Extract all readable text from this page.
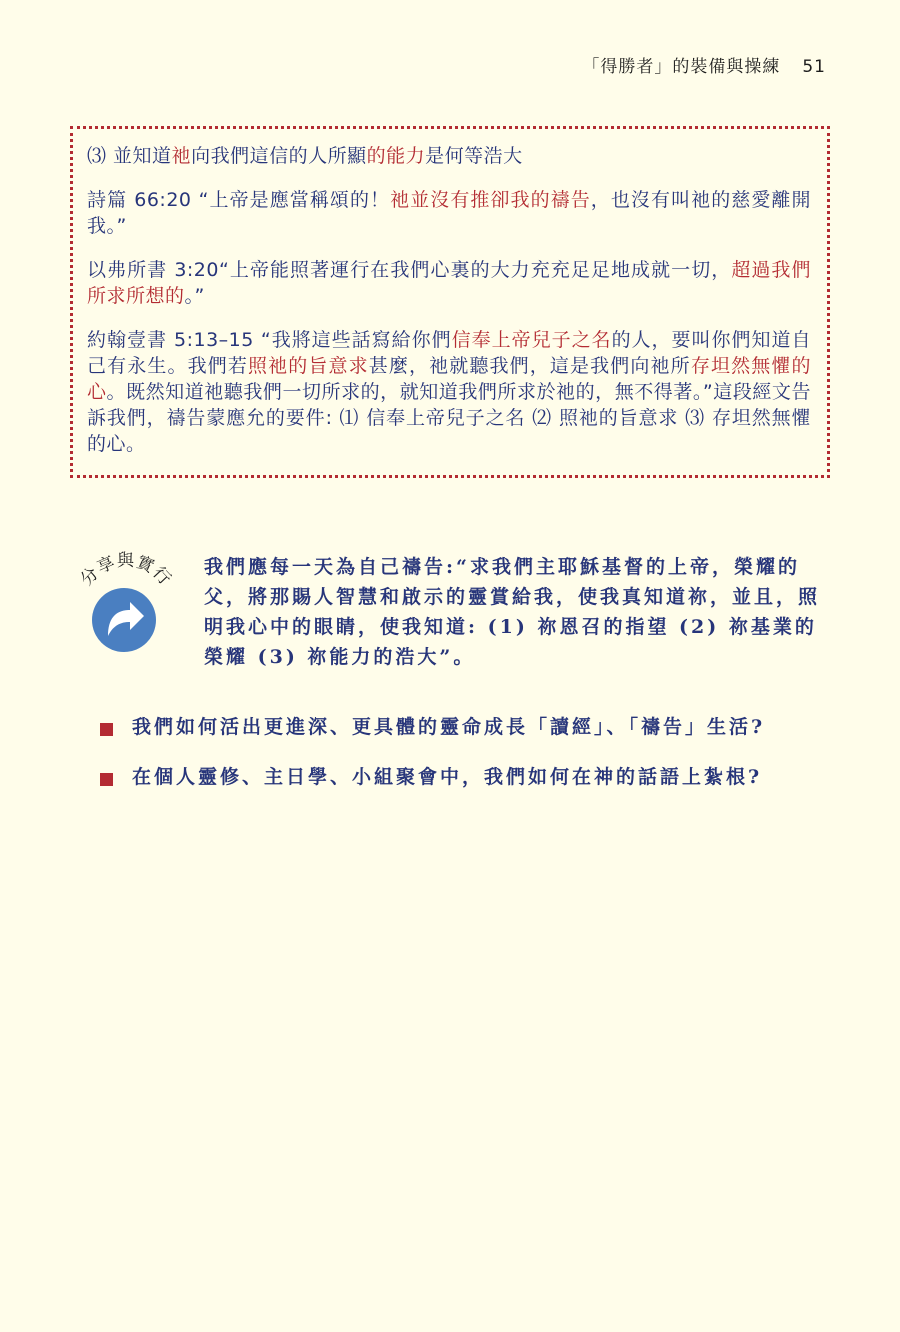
「得勝者」的裝備與操練 51

⑶ 並知道祂向我們這信的人所顯的能力是何等浩大

詩篇 66:20 “上帝是應當稱頌的！祂並沒有推卻我的禱告，也沒有叫祂的慈愛離開我。”

以弗所書 3:20“上帝能照著運行在我們心裏的大力充充足足地成就一切，超過我們所求所想的。”

約翰壹書 5:13–15 “我將這些話寫給你們信奉上帝兒子之名的人，要叫你們知道自己有永生。我們若照祂的旨意求甚麼，祂就聽我們，這是我們向祂所存坦然無懼的心。既然知道祂聽我們一切所求的，就知道我們所求於祂的，無不得著。”這段經文告訴我們，禱告蒙應允的要件: ⑴ 信奉上帝兒子之名 ⑵ 照祂的旨意求 ⑶ 存坦然無懼的心。

分享與實行 我們應每一天為自己禱告:“求我們主耶穌基督的上帝，榮耀的父，將那賜人智慧和啟示的靈賞給我，使我真知道祢，並且，照明我心中的眼睛，使我知道: (1) 祢恩召的指望 (2) 祢基業的榮耀 (3) 祢能力的浩大”。

我們如何活出更進深、更具體的靈命成長「讀經」、「禱告」生活?
在個人靈修、主日學、小組聚會中，我們如何在神的話語上紮根?
